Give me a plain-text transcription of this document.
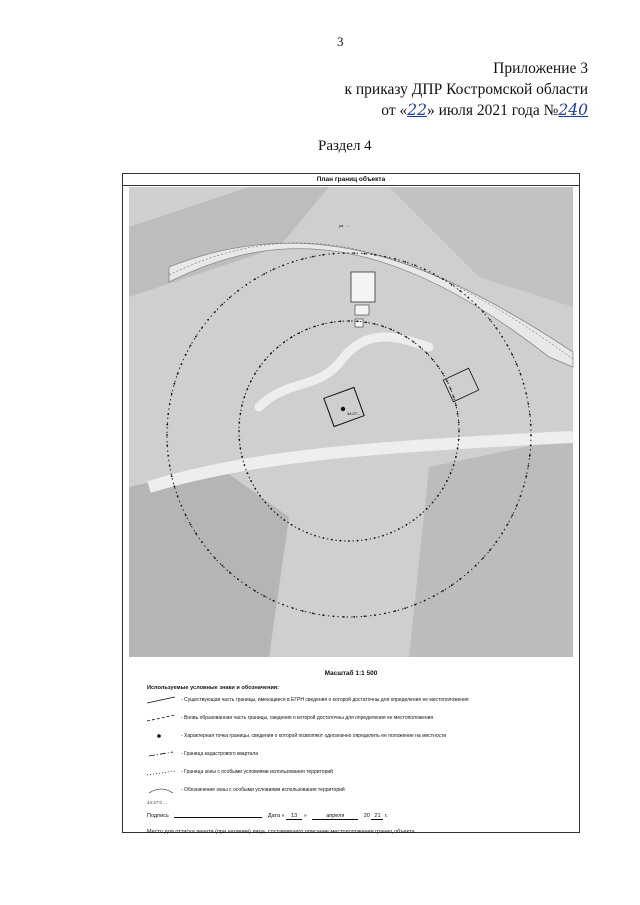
3
Приложение 3
к приказу ДПР Костромской области
от «22» июля 2021 года №240
Раздел 4
План границ объекта
44:27:...
ул. ...
Масштаб 1:1 500
Используемые условные знаки и обозначения:
- Существующая часть границы, имеющиеся в ЕГРН сведения о которой достаточны для определения ее местоположения
- Вновь образованная часть границы, сведения о которой достаточны для определения ее местоположения
- Характерная точка границы, сведения о которой позволяют однозначно определить ее положение на местности
- Граница кадастрового квартала
- Граница зоны с особыми условиями использования территорий
- Обозначение зоны с особыми условиями использования территорий
44:27:0 ...
Подпись	Дата « 13 »	апреля	20 21 г.
Место для оттиска печати (при наличии) лица, составившего описание местоположения границ объекта
